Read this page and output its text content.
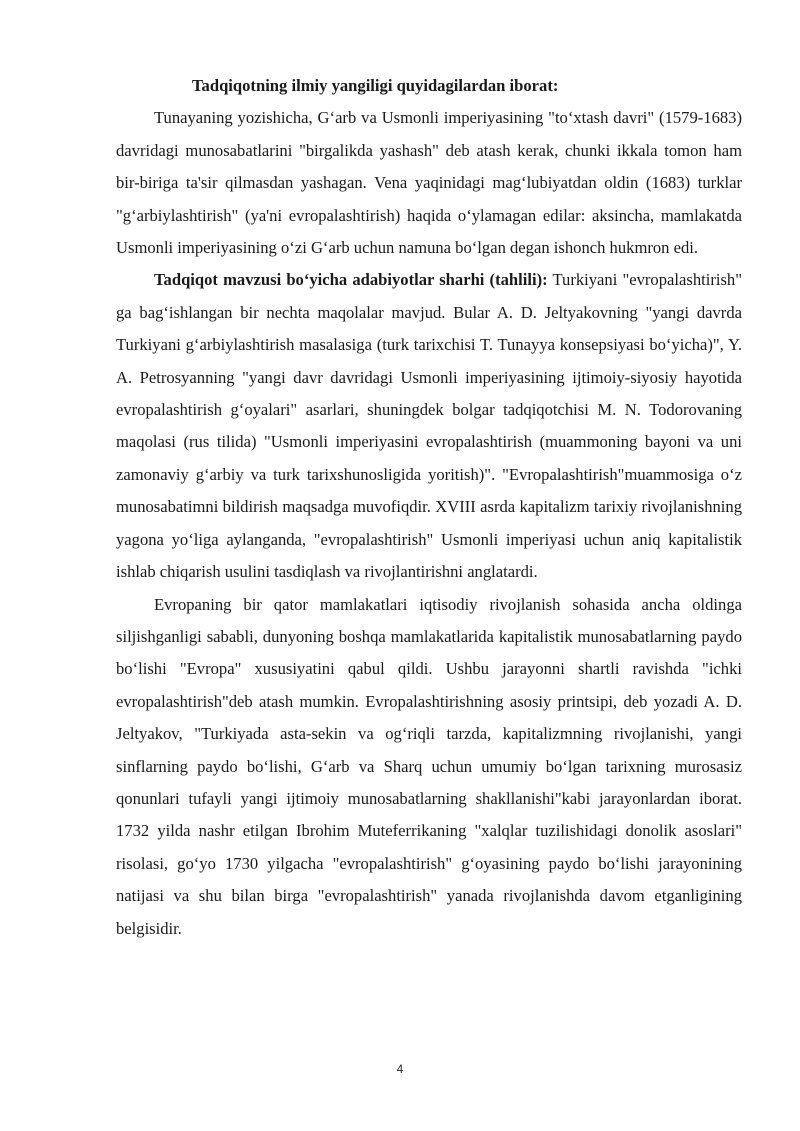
Tadqiqotning ilmiy yangiligi quyidagilardan iborat:

Tunayaning yozishicha, G‘arb va Usmonli imperiyasining "to‘xtash davri" (1579-1683) davridagi munosabatlarini "birgalikda yashash" deb atash kerak, chunki ikkala tomon ham bir-biriga ta'sir qilmasdan yashagan. Vena yaqinidagi mag‘lubiyatdan oldin (1683) turklar "g‘arbiylashtirish" (ya'ni evropalashtirish) haqida o‘ylamagan edilar: aksincha, mamlakatda Usmonli imperiyasining o‘zi G‘arb uchun namuna bo‘lgan degan ishonch hukmron edi.

Tadqiqot mavzusi bo‘yicha adabiyotlar sharhi (tahlili): Turkiyani "evropalashtirish" ga bag‘ishlangan bir nechta maqolalar mavjud. Bular A. D. Jeltyakovning "yangi davrda Turkiyani g‘arbiylashtirish masalasiga (turk tarixchisi T. Tunayya konsepsiyasi bo‘yicha)", Y. A. Petrosyanning "yangi davr davridagi Usmonli imperiyasining ijtimoiy-siyosiy hayotida evropalashtirish g‘oyalari" asarlari, shuningdek bolgar tadqiqotchisi M. N. Todorovaning maqolasi (rus tilida) "Usmonli imperiyasini evropalashtirish (muammoning bayoni va uni zamonaviy g‘arbiy va turk tarixshunosligida yoritish)". "Evropalashtirish"muammosiga o‘z munosabatimni bildirish maqsadga muvofiqdir. XVIII asrda kapitalizm tarixiy rivojlanishning yagona yo‘liga aylanganda, "evropalashtirish" Usmonli imperiyasi uchun aniq kapitalistik ishlab chiqarish usulini tasdiqlash va rivojlantirishni anglatardi.

Evropaning bir qator mamlakatlari iqtisodiy rivojlanish sohasida ancha oldinga siljishganligi sababli, dunyoning boshqa mamlakatlarida kapitalistik munosabatlarning paydo bo‘lishi "Evropa" xususiyatini qabul qildi. Ushbu jarayonni shartli ravishda "ichki evropalashtirish"deb atash mumkin. Evropalashtirishning asosiy printsipi, deb yozadi A. D. Jeltyakov, "Turkiyada asta-sekin va og‘riqli tarzda, kapitalizmning rivojlanishi, yangi sinflarning paydo bo‘lishi, G‘arb va Sharq uchun umumiy bo‘lgan tarixning murosasiz qonunlari tufayli yangi ijtimoiy munosabatlarning shakllanishi"kabi jarayonlardan iborat. 1732 yilda nashr etilgan Ibrohim Muteferrikaning "xalqlar tuzilishidagi donolik asoslari" risolasi, go‘yo 1730 yilgacha "evropalashtirish" g‘oyasining paydo bo‘lishi jarayonining natijasi va shu bilan birga "evropalashtirish" yanada rivojlanishda davom etganligining belgisidir.

4
